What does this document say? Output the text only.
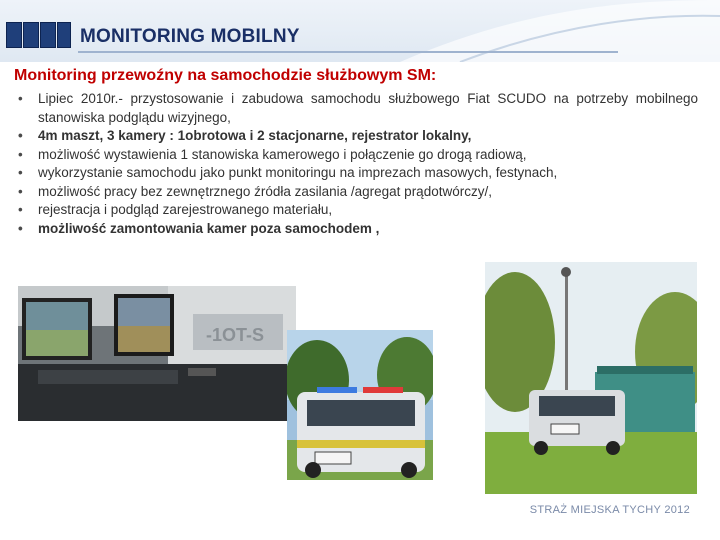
MONITORING MOBILNY
Monitoring przewoźny na samochodzie służbowym SM:
• Lipiec 2010r.- przystosowanie i zabudowa samochodu służbowego Fiat SCUDO na potrzeby mobilnego stanowiska podglądu wizyjnego,
• 4m maszt, 3 kamery : 1obrotowa i 2 stacjonarne, rejestrator lokalny,
• możliwość wystawienia 1 stanowiska kamerowego i połączenie go drogą radiową,
• wykorzystanie samochodu jako punkt monitoringu na imprezach masowych, festynach,
• możliwość pracy bez zewnętrznego źródła zasilania /agregat prądotwórczy/,
• rejestracja i podgląd zarejestrowanego materiału,
• możliwość zamontowania kamer poza samochodem ,
-1OT-S
STRAŻ MIEJSKA TYCHY 2012
